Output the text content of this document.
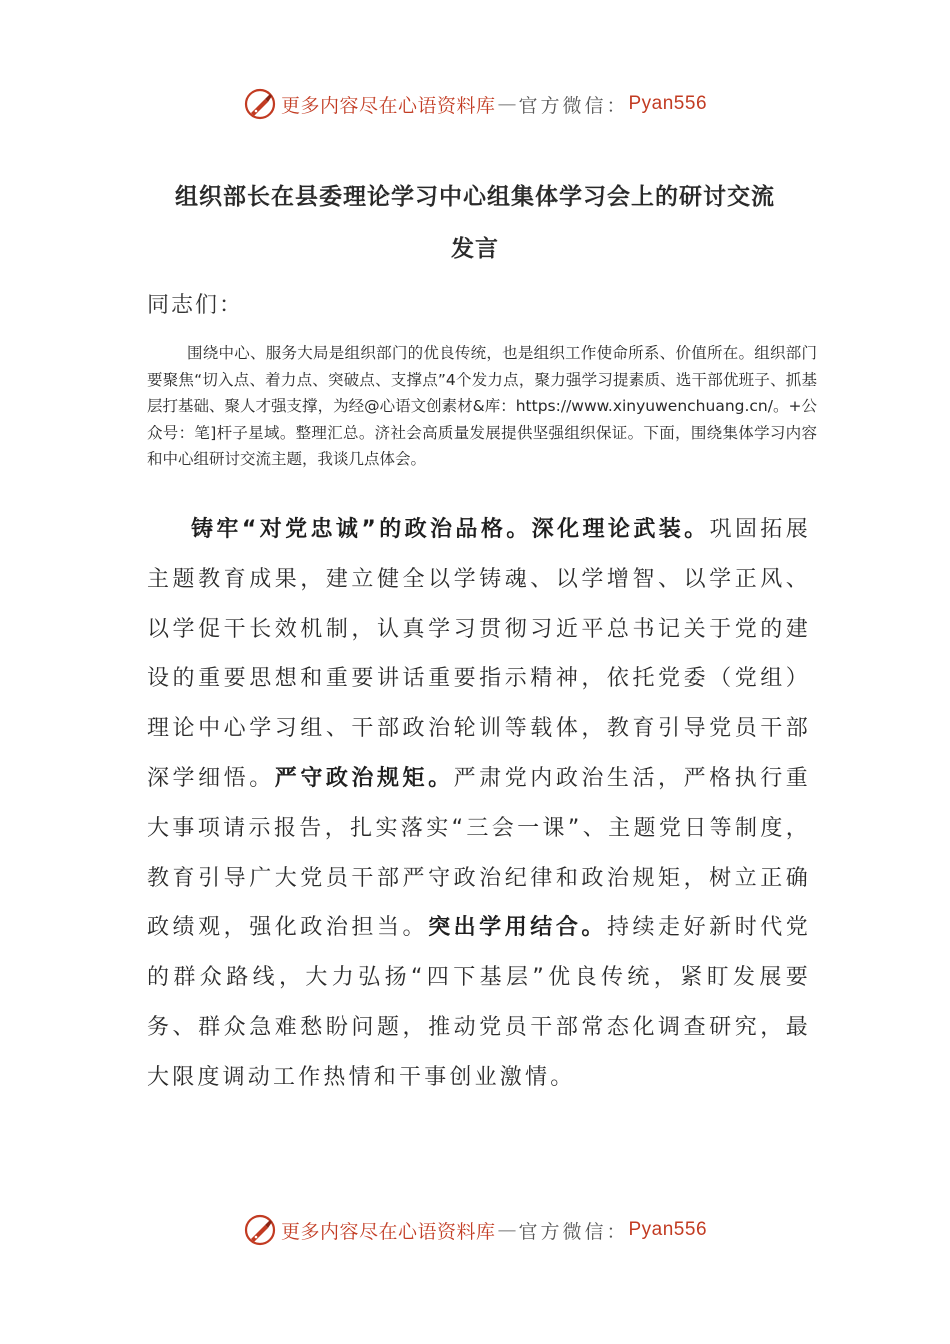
更多内容尽在心语资料库 — 官方微信： Pyan556
组织部长在县委理论学习中心组集体学习会上的研讨交流
发言
同志们：

围绕中心、服务大局是组织部门的优良传统，也是组织工作使命所系、价值所在。组织部门要聚焦“切入点、着力点、突破点、支撑点”4个发力点，聚力强学习提素质、选干部优班子、抓基层打基础、聚人才强支撑，为经@心语文创素材&库：https://www.xinyuwenchuang.cn/。+公众号：笔]杆子星域。整理汇总。济社会高质量发展提供坚强组织保证。下面，围绕集体学习内容和中心组研讨交流主题，我谈几点体会。

铸牢“对党忠诚”的政治品格。深化理论武装。巩固拓展主题教育成果，建立健全以学铸魂、以学增智、以学正风、以学促干长效机制，认真学习贯彻习近平总书记关于党的建设的重要思想和重要讲话重要指示精神，依托党委（党组）理论中心学习组、干部政治轮训等载体，教育引导党员干部深学细悟。严守政治规矩。严肃党内政治生活，严格执行重大事项请示报告，扎实落实“三会一课”、主题党日等制度，教育引导广大党员干部严守政治纪律和政治规矩，树立正确政绩观，强化政治担当。突出学用结合。持续走好新时代党的群众路线，大力弘扬“四下基层”优良传统，紧盯发展要务、群众急难愁盼问题，推动党员干部常态化调查研究，最大限度调动工作热情和干事创业激情。

更多内容尽在心语资料库 — 官方微信： Pyan556
